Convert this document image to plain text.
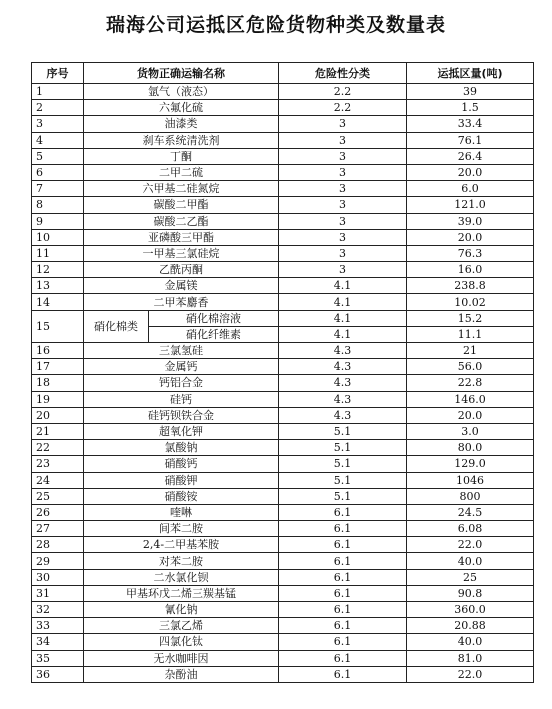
瑞海公司运抵区危险货物种类及数量表
序号	货物正确运输名称		危险性分类	运抵区量(吨)
1	氩气（液态）		2.2	39
2	六氟化硫		2.2	1.5
3	油漆类		3	33.4
4	刹车系统清洗剂		3	76.1
5	丁酮		3	26.4
6	二甲二硫		3	20.0
7	六甲基二硅氮烷		3	6.0
8	碳酸二甲酯		3	121.0
9	碳酸二乙酯		3	39.0
10	亚磷酸三甲酯		3	20.0
11	一甲基三氯硅烷		3	76.3
12	乙酰丙酮		3	16.0
13	金属镁		4.1	238.8
14	二甲苯麝香		4.1	10.02
15	硝化棉类	硝化棉溶液	4.1	15.2
		硝化纤维素	4.1	11.1
16	三氯氢硅		4.3	21
17	金属钙		4.3	56.0
18	钙铝合金		4.3	22.8
19	硅钙		4.3	146.0
20	硅钙钡铁合金		4.3	20.0
21	超氧化钾		5.1	3.0
22	氯酸钠		5.1	80.0
23	硝酸钙		5.1	129.0
24	硝酸钾		5.1	1046
25	硝酸铵		5.1	800
26	喹啉		6.1	24.5
27	间苯二胺		6.1	6.08
28	2,4-二甲基苯胺		6.1	22.0
29	对苯二胺		6.1	40.0
30	二水氯化钡		6.1	25
31	甲基环戊二烯三羰基锰		6.1	90.8
32	氰化钠		6.1	360.0
33	三氯乙烯		6.1	20.88
34	四氯化钛		6.1	40.0
35	无水咖啡因		6.1	81.0
36	杂酚油		6.1	22.0
